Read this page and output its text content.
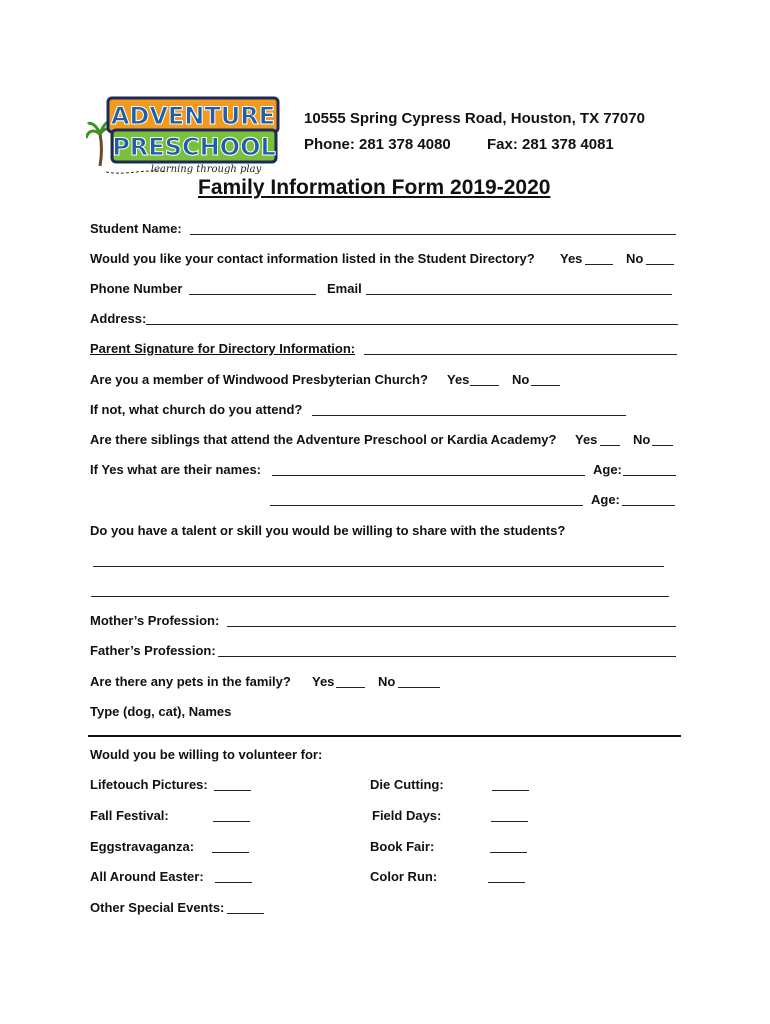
ADVENTURE
PRESCHOOL
learning through play
10555 Spring Cypress Road, Houston, TX 77070
Phone: 281 378 4080 Fax: 281 378 4081
Family Information Form 2019-2020
Student Name:
Would you like your contact information listed in the Student Directory? Yes	No
Phone Number	Email
Address:
Parent Signature for Directory Information:
Are you a member of Windwood Presbyterian Church? Yes	No
If not, what church do you attend?
Are there siblings that attend the Adventure Preschool or Kardia Academy? Yes	No
If Yes what are their names:	Age:
Age:
Do you have a talent or skill you would be willing to share with the students?
Mother’s Profession:
Father’s Profession:
Are there any pets in the family? Yes	No
Type (dog, cat), Names
Would you be willing to volunteer for:
Lifetouch Pictures:	Die Cutting:
Fall Festival:	Field Days:
Eggstravaganza:	Book Fair:
All Around Easter:	Color Run:
Other Special Events:
